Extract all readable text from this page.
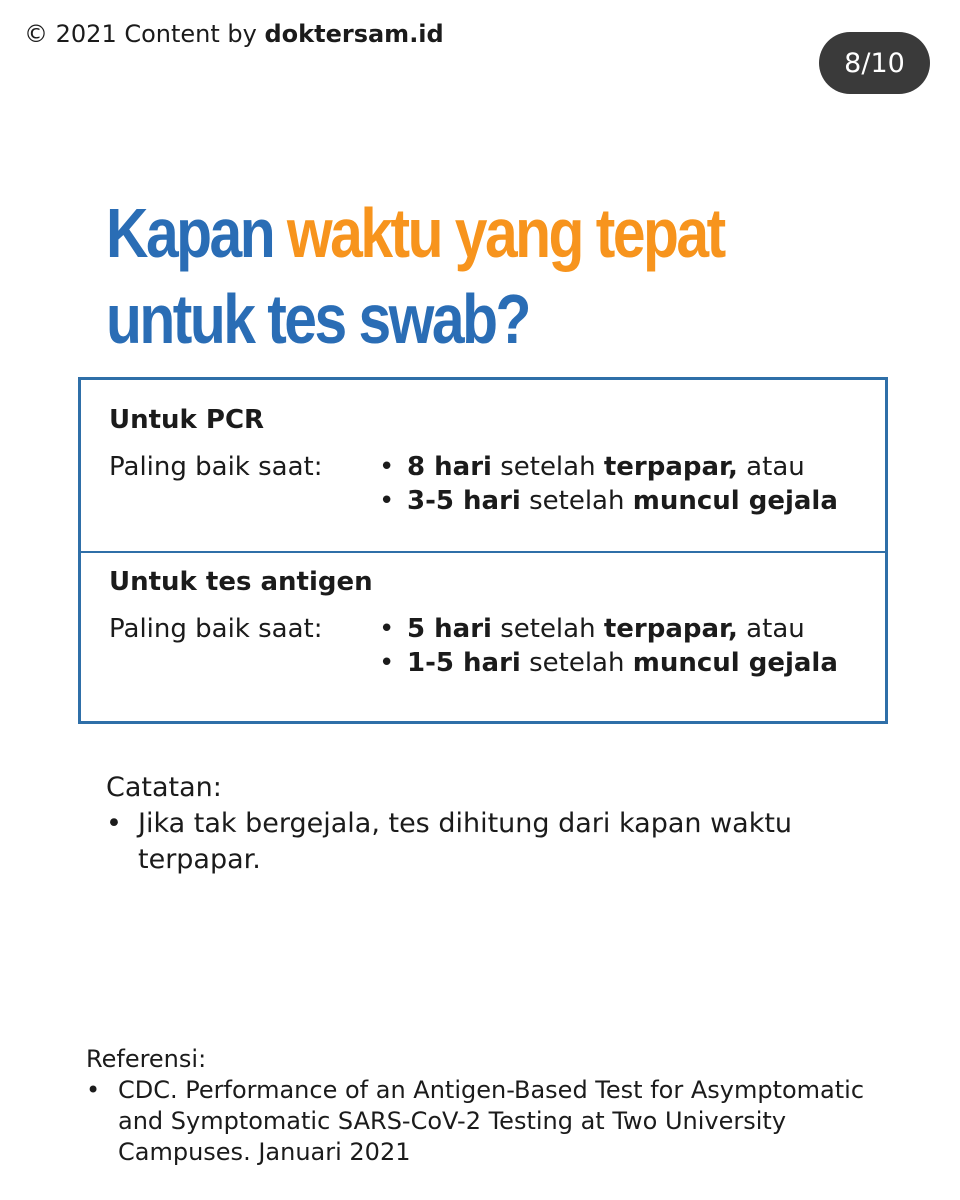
© 2021 Content by doktersam.id
8/10
Kapan waktu yang tepat
untuk tes swab?
Untuk PCR
Paling baik saat:	• 8 hari setelah terpapar, atau
• 3-5 hari setelah muncul gejala
Untuk tes antigen
Paling baik saat:	• 5 hari setelah terpapar, atau
• 1-5 hari setelah muncul gejala
Catatan:
• Jika tak bergejala, tes dihitung dari kapan waktu terpapar.
Referensi:
• CDC. Performance of an Antigen-Based Test for Asymptomatic and Symptomatic SARS-CoV-2 Testing at Two University Campuses. Januari 2021
